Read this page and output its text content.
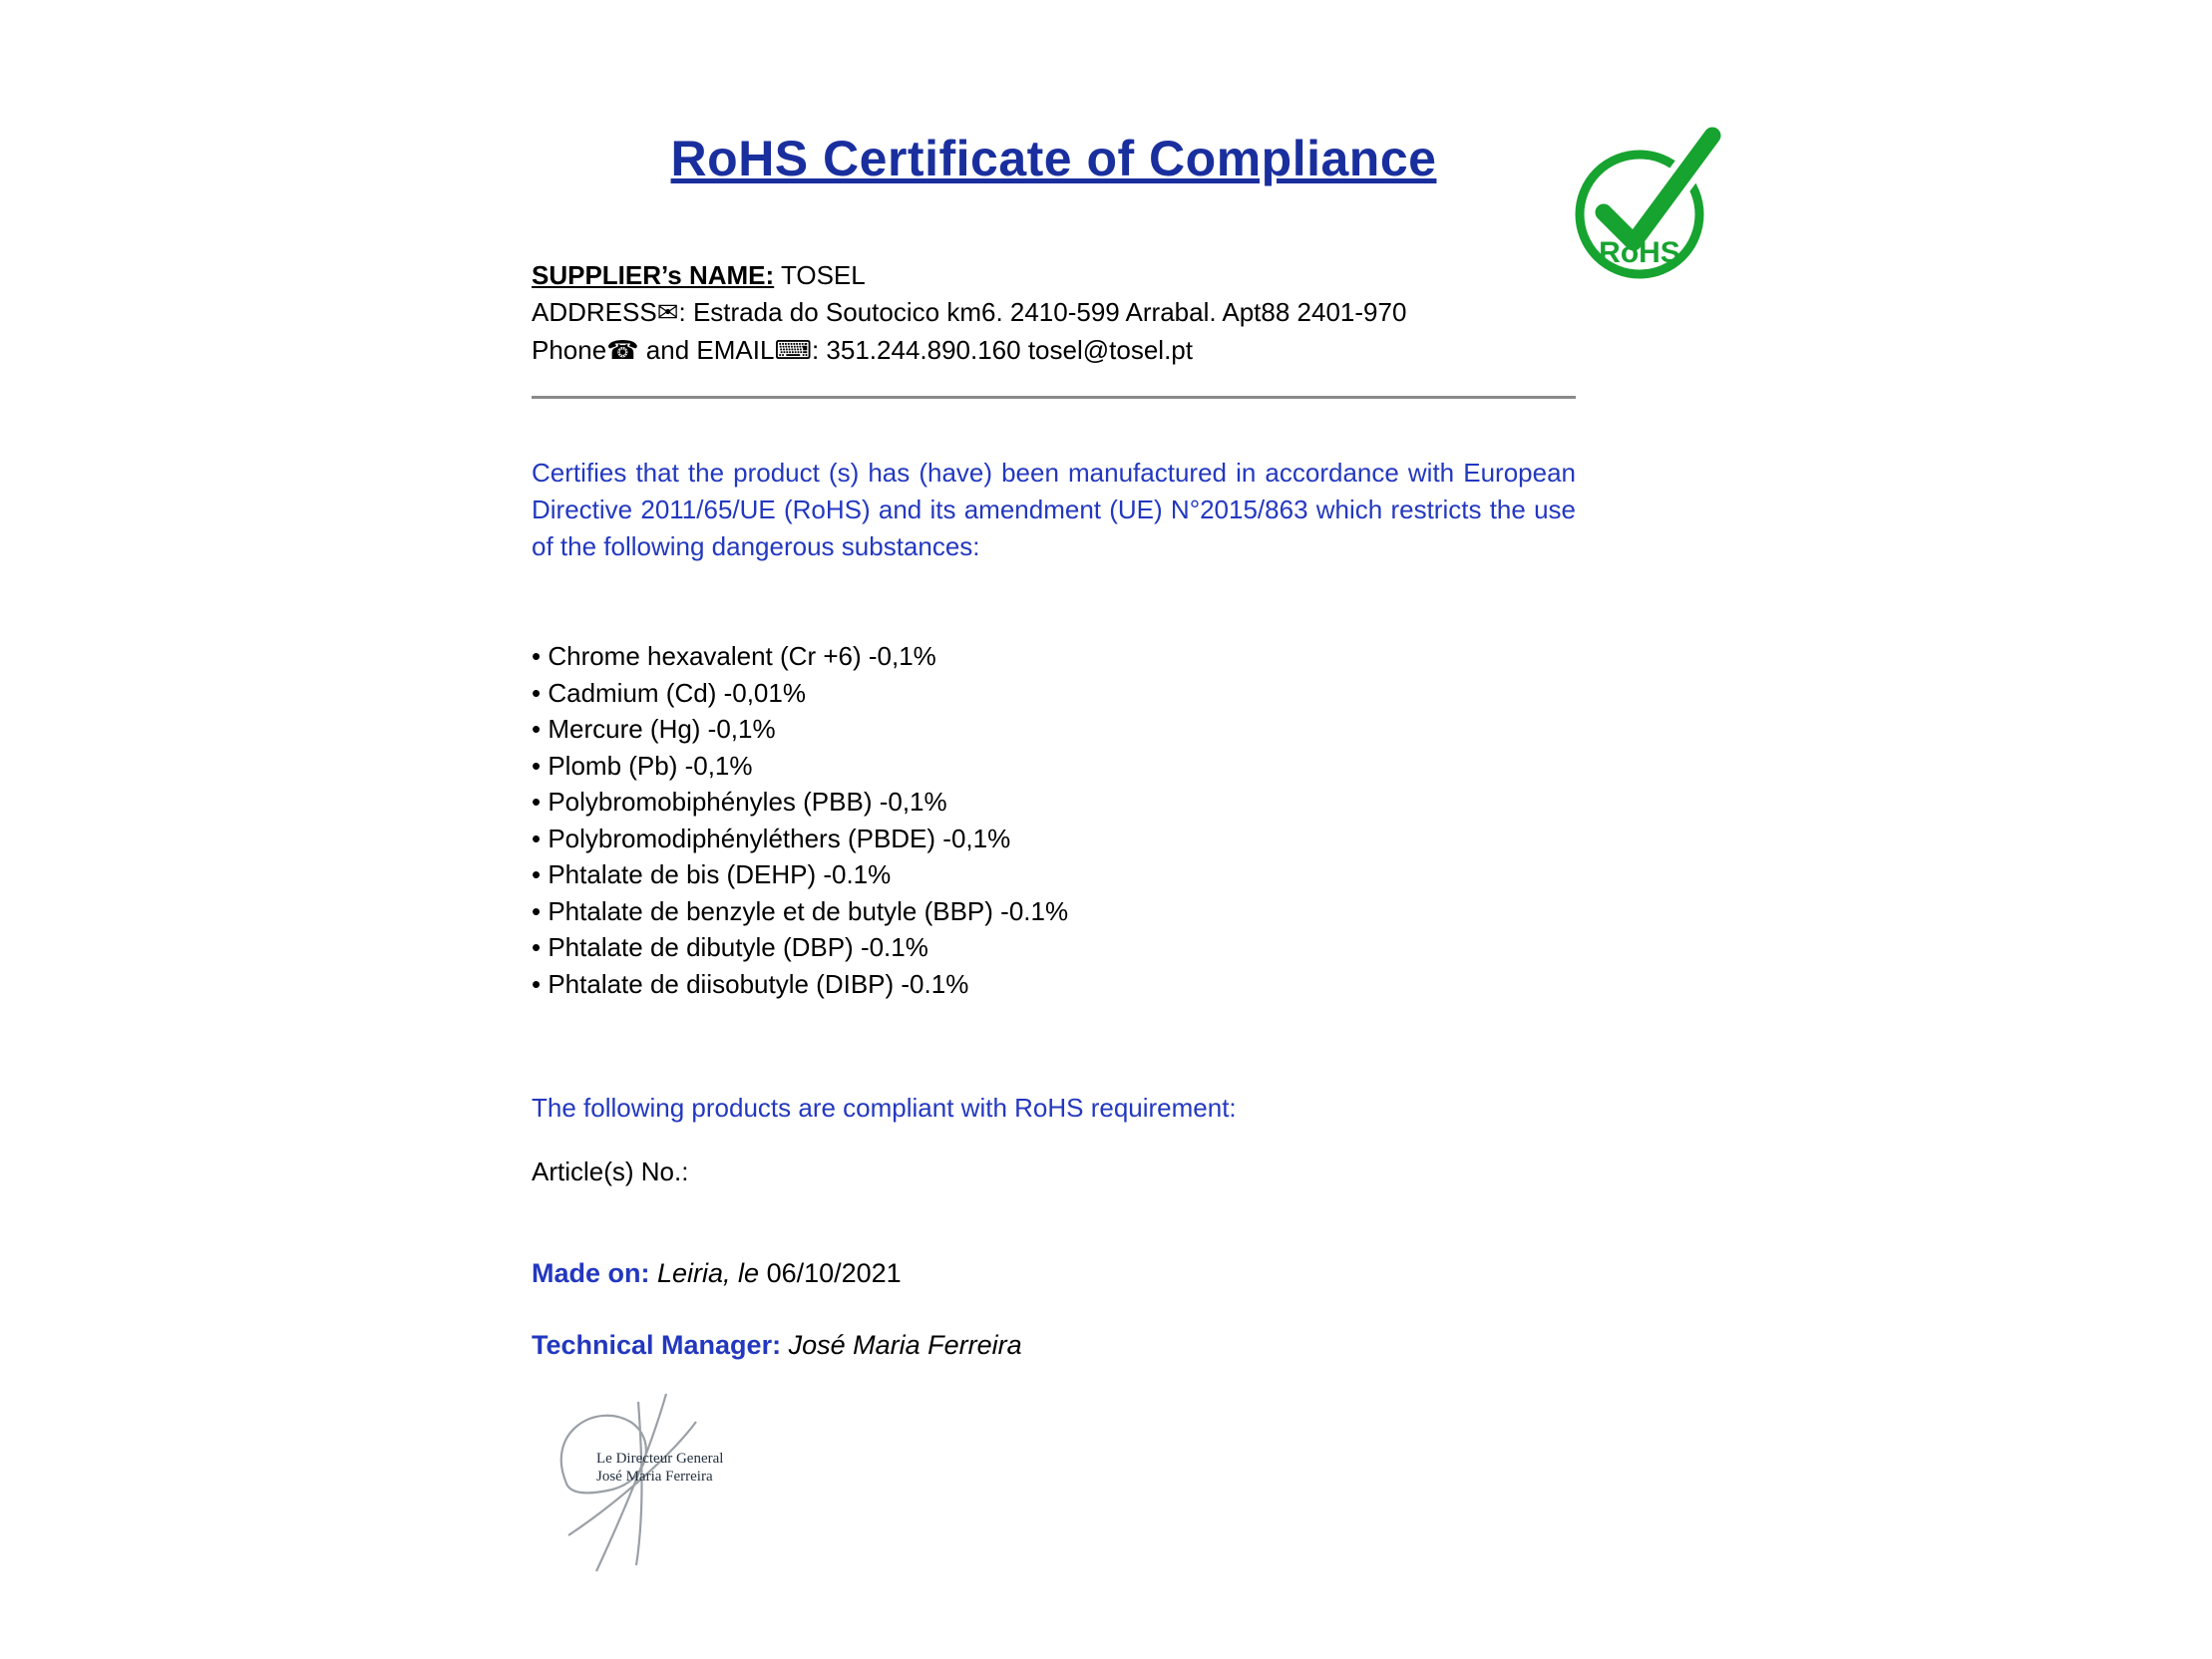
RoHS Certificate of Compliance
RoHS
SUPPLIER’s NAME: TOSEL
ADDRESS✉: Estrada do Soutocico km6. 2410-599 Arrabal. Apt88 2401-970
Phone☎ and EMAIL⌨: 351.244.890.160 tosel@tosel.pt
Certifies that the product (s) has (have) been manufactured in accordance with European Directive 2011/65/UE (RoHS) and its amendment (UE) N°2015/863 which restricts the use of the following dangerous substances:
• Chrome hexavalent (Cr +6) -0,1%
• Cadmium (Cd) -0,01%
• Mercure (Hg) -0,1%
• Plomb (Pb) -0,1%
• Polybromobiphényles (PBB) -0,1%
• Polybromodiphényléthers (PBDE) -0,1%
• Phtalate de bis (DEHP) -0.1%
• Phtalate de benzyle et de butyle (BBP) -0.1%
• Phtalate de dibutyle (DBP) -0.1%
• Phtalate de diisobutyle (DIBP) -0.1%
The following products are compliant with RoHS requirement:
Article(s) No.:
Made on: Leiria, le 06/10/2021
Technical Manager: José Maria Ferreira
Le Directeur General
José Maria Ferreira
